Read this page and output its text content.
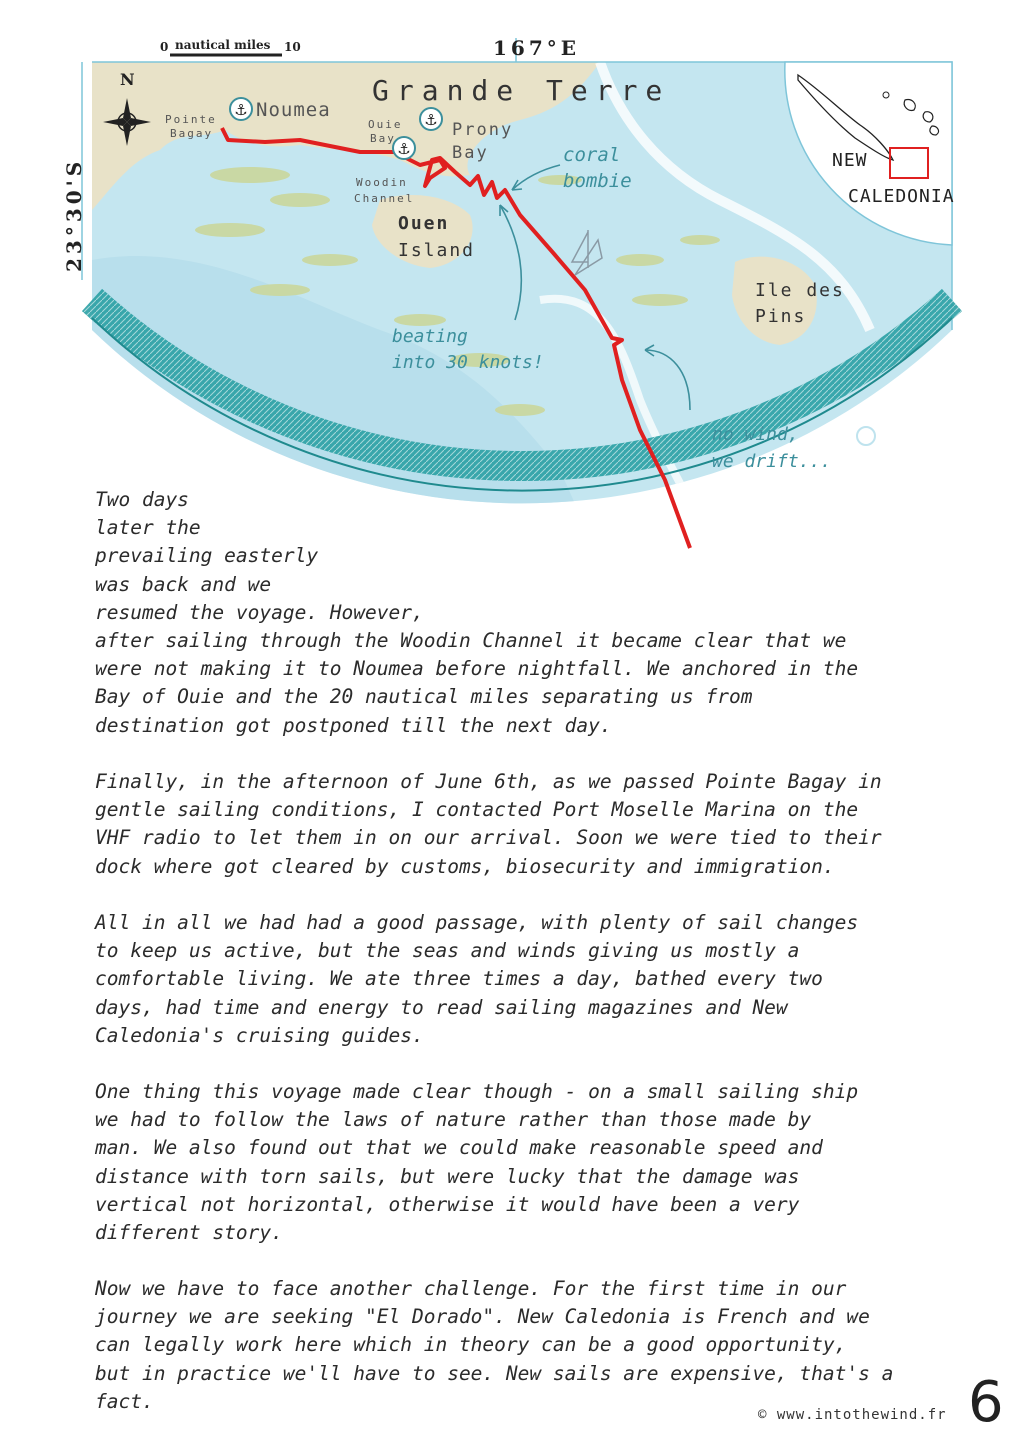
⚓
⚓
⚓
0 nautical miles 10	167°E
23°30'S
N	Grande Terre
Noumea
Pointe
Bagay
Ouie
Bay	Prony
Bay
Woodin
Channel
Ouen
Island
Ile des
Pins
coral
bombie
beating
into 30 knots!
no wind,
we drift...
NEW
CALEDONIA

Two days
later the
prevailing easterly
was back and we
resumed the voyage. However,

after sailing through the Woodin Channel it became clear that we
were not making it to Noumea before nightfall. We anchored in the
Bay of Ouie and the 20 nautical miles separating us from
destination got postponed till the next day.

Finally, in the afternoon of June 6th, as we passed Pointe Bagay in
gentle sailing conditions, I contacted Port Moselle Marina on the
VHF radio to let them in on our arrival. Soon we were tied to their
dock where got cleared by customs, biosecurity and immigration.

All in all we had had a good passage, with plenty of sail changes
to keep us active, but the seas and winds giving us mostly a
comfortable living. We ate three times a day, bathed every two
days, had time and energy to read sailing magazines and New
Caledonia's cruising guides.

One thing this voyage made clear though - on a small sailing ship
we had to follow the laws of nature rather than those made by
man. We also found out that we could make reasonable speed and
distance with torn sails, but were lucky that the damage was
vertical not horizontal, otherwise it would have been a very
different story.

Now we have to face another challenge. For the first time in our
journey we are seeking "El Dorado". New Caledonia is French and we
can legally work here which in theory can be a good opportunity,
but in practice we'll have to see. New sails are expensive, that's a
fact.

© www.intothewind.fr 6
